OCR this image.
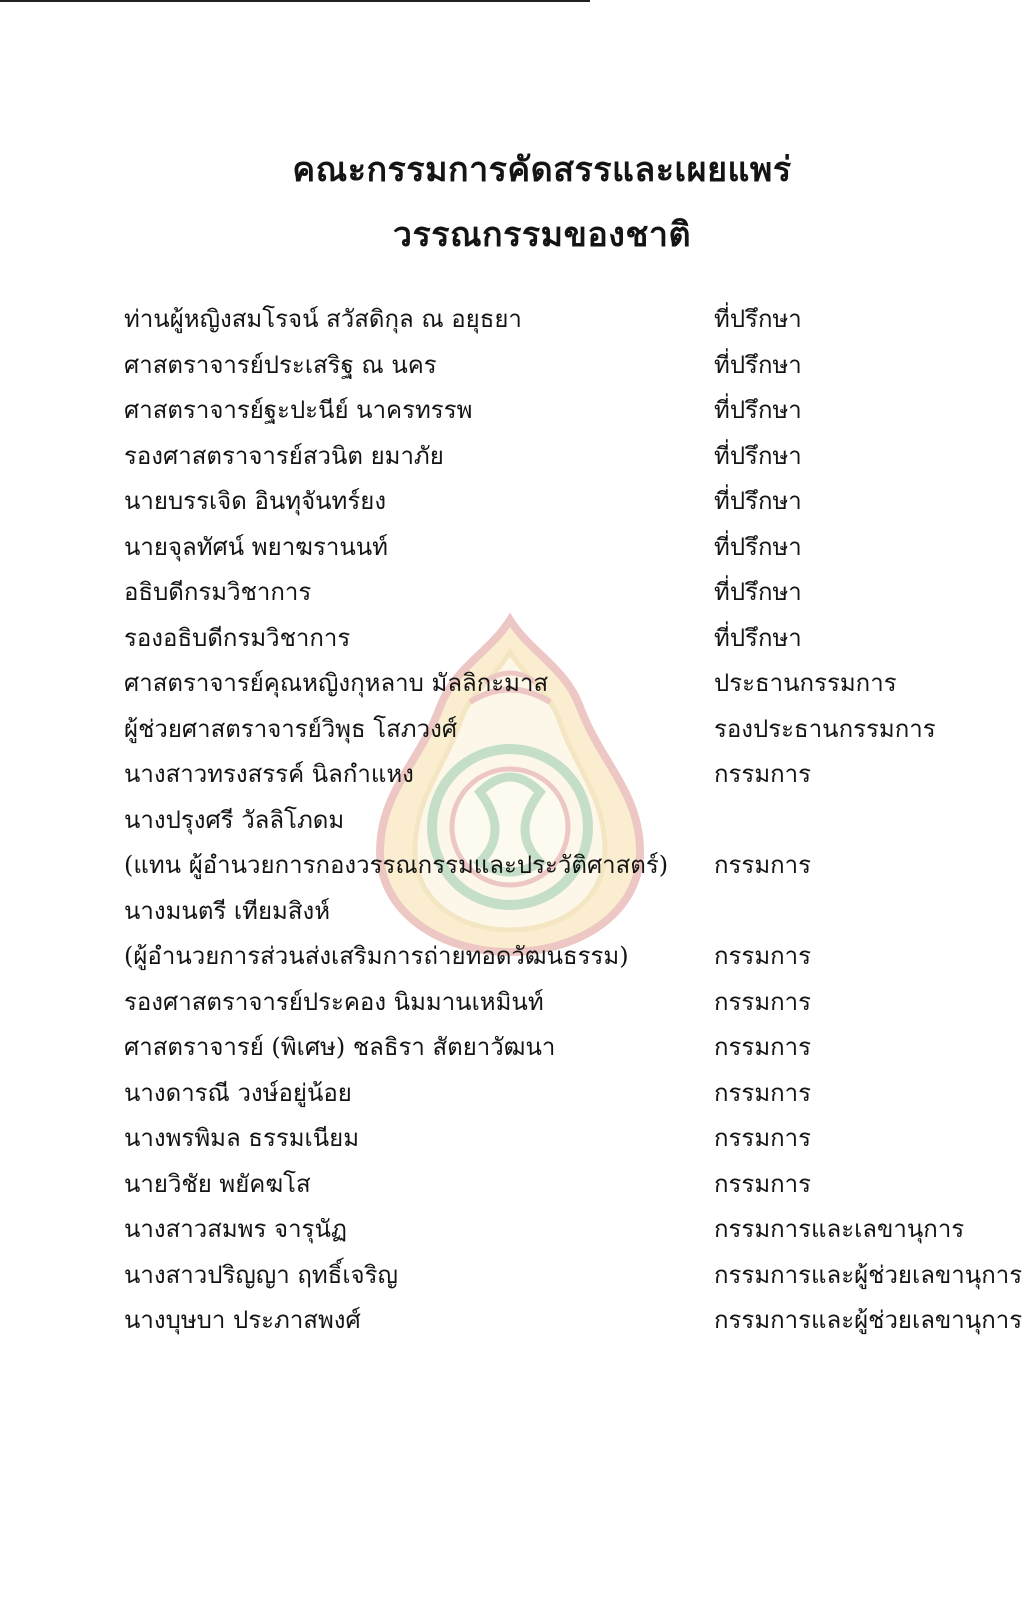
คณะกรรมการคัดสรรและเผยแพร่
วรรณกรรมของชาติ
ท่านผู้หญิงสมโรจน์ สวัสดิกุล ณ อยุธยา	ที่ปรึกษา
ศาสตราจารย์ประเสริฐ ณ นคร	ที่ปรึกษา
ศาสตราจารย์ฐะปะนีย์ นาครทรรพ	ที่ปรึกษา
รองศาสตราจารย์สวนิต ยมาภัย	ที่ปรึกษา
นายบรรเจิด อินทุจันทร์ยง	ที่ปรึกษา
นายจุลทัศน์ พยาฆรานนท์	ที่ปรึกษา
อธิบดีกรมวิชาการ	ที่ปรึกษา
รองอธิบดีกรมวิชาการ	ที่ปรึกษา
ศาสตราจารย์คุณหญิงกุหลาบ มัลลิกะมาส	ประธานกรรมการ
ผู้ช่วยศาสตราจารย์วิพุธ โสภวงศ์	รองประธานกรรมการ
นางสาวทรงสรรค์ นิลกำแหง	กรรมการ
นางปรุงศรี วัลลิโภดม
(แทน ผู้อำนวยการกองวรรณกรรมและประวัติศาสตร์) กรรมการ
นางมนตรี เทียมสิงห์
(ผู้อำนวยการส่วนส่งเสริมการถ่ายทอดวัฒนธรรม)	กรรมการ
รองศาสตราจารย์ประคอง นิมมานเหมินท์	กรรมการ
ศาสตราจารย์ (พิเศษ) ชลธิรา สัตยาวัฒนา	กรรมการ
นางดารณี วงษ์อยู่น้อย	กรรมการ
นางพรพิมล ธรรมเนียม	กรรมการ
นายวิชัย พยัคฆโส	กรรมการ
นางสาวสมพร จารุนัฏ	กรรมการและเลขานุการ
นางสาวปริญญา ฤทธิ์เจริญ	กรรมการและผู้ช่วยเลขานุการ
นางบุษบา ประภาสพงศ์	กรรมการและผู้ช่วยเลขานุการ
